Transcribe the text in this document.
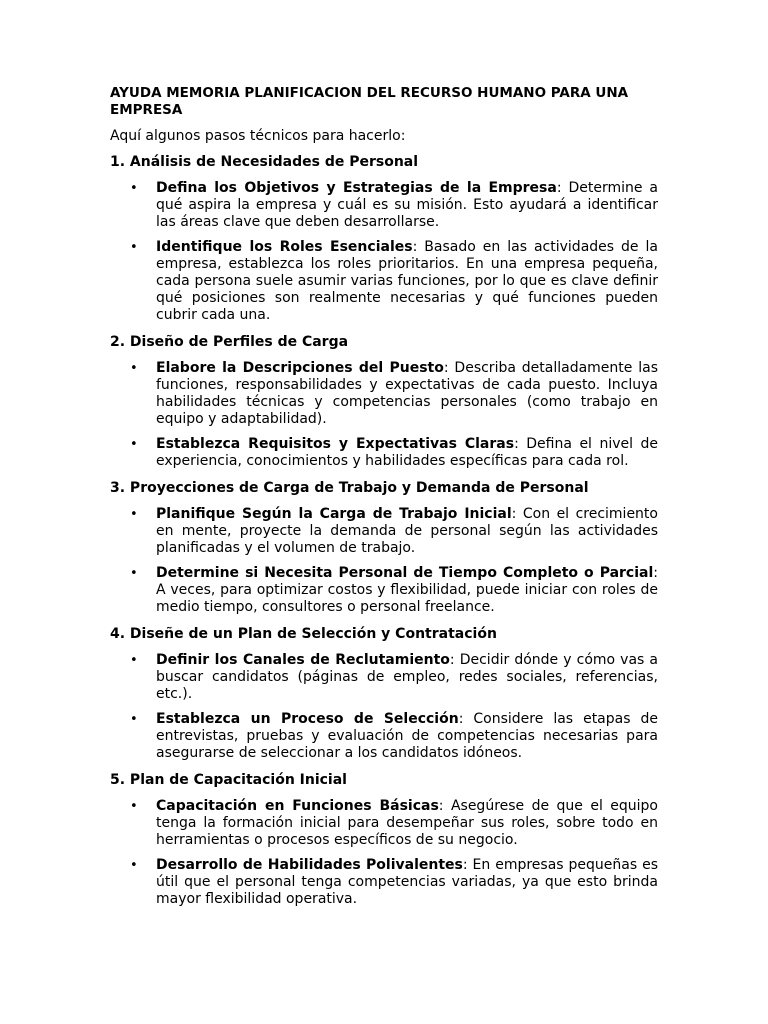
AYUDA MEMORIA PLANIFICACION DEL RECURSO HUMANO PARA UNA EMPRESA
Aquí algunos pasos técnicos para hacerlo:
1. Análisis de Necesidades de Personal
• Defina los Objetivos y Estrategias de la Empresa: Determine a qué aspira la empresa y cuál es su misión. Esto ayudará a identificar las áreas clave que deben desarrollarse.
• Identifique los Roles Esenciales: Basado en las actividades de la empresa, establezca los roles prioritarios. En una empresa pequeña, cada persona suele asumir varias funciones, por lo que es clave definir qué posiciones son realmente necesarias y qué funciones pueden cubrir cada una.
2. Diseño de Perfiles de Carga
• Elabore la Descripciones del Puesto: Describa detalladamente las funciones, responsabilidades y expectativas de cada puesto. Incluya habilidades técnicas y competencias personales (como trabajo en equipo y adaptabilidad).
• Establezca Requisitos y Expectativas Claras: Defina el nivel de experiencia, conocimientos y habilidades específicas para cada rol.
3. Proyecciones de Carga de Trabajo y Demanda de Personal
• Planifique Según la Carga de Trabajo Inicial: Con el crecimiento en mente, proyecte la demanda de personal según las actividades planificadas y el volumen de trabajo.
• Determine si Necesita Personal de Tiempo Completo o Parcial: A veces, para optimizar costos y flexibilidad, puede iniciar con roles de medio tiempo, consultores o personal freelance.
4. Diseñe de un Plan de Selección y Contratación
• Definir los Canales de Reclutamiento: Decidir dónde y cómo vas a buscar candidatos (páginas de empleo, redes sociales, referencias, etc.).
• Establezca un Proceso de Selección: Considere las etapas de entrevistas, pruebas y evaluación de competencias necesarias para asegurarse de seleccionar a los candidatos idóneos.
5. Plan de Capacitación Inicial
• Capacitación en Funciones Básicas: Asegúrese de que el equipo tenga la formación inicial para desempeñar sus roles, sobre todo en herramientas o procesos específicos de su negocio.
• Desarrollo de Habilidades Polivalentes: En empresas pequeñas es útil que el personal tenga competencias variadas, ya que esto brinda mayor flexibilidad operativa.
